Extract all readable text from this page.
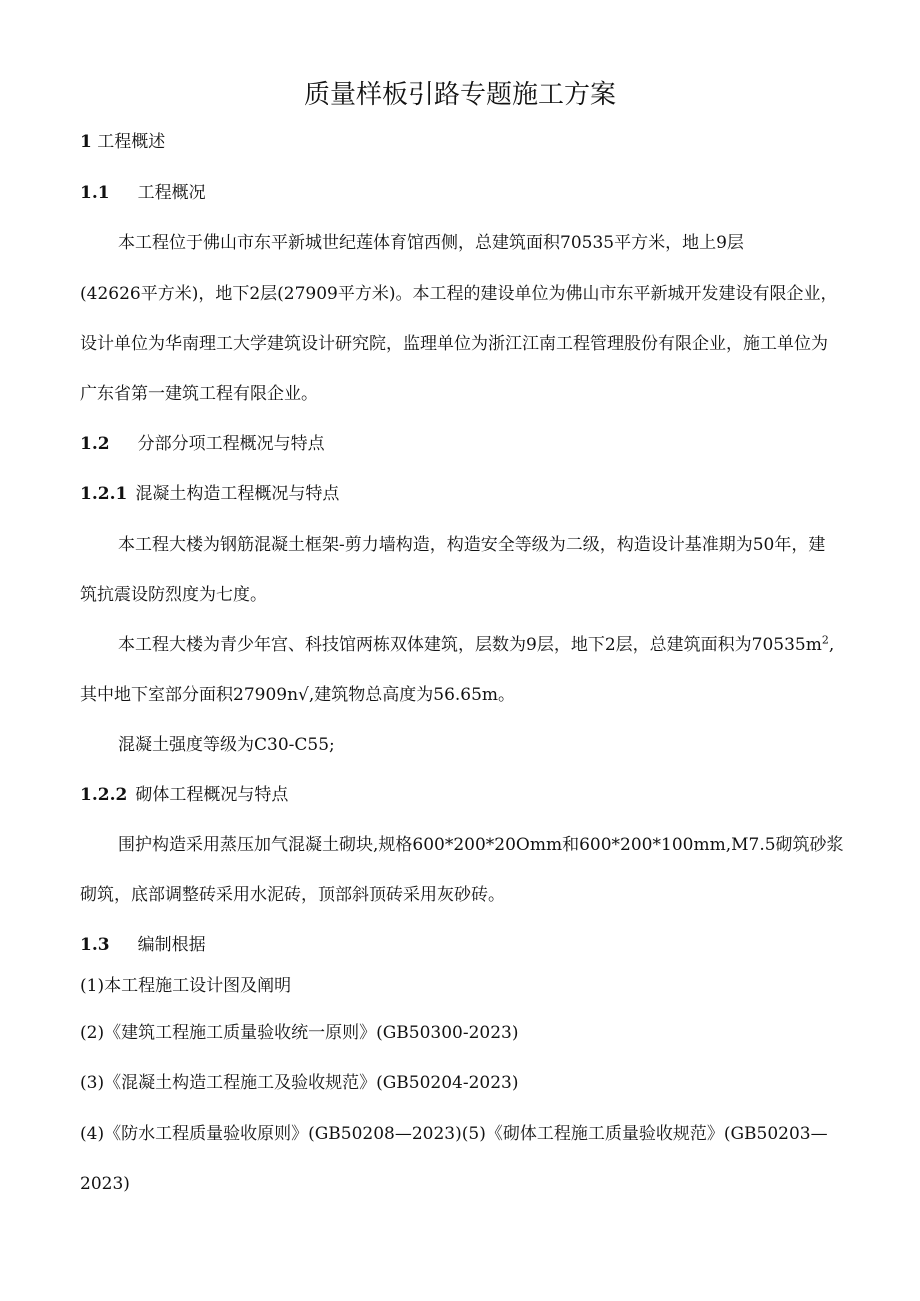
质量样板引路专题施工方案
1 工程概述
1.1 工程概况
本工程位于佛山市东平新城世纪莲体育馆西侧，总建筑面积70535平方米，地上9层
(42626平方米)，地下2层(27909平方米)。本工程的建设单位为佛山市东平新城开发建设有限企业，
设计单位为华南理工大学建筑设计研究院，监理单位为浙江江南工程管理股份有限企业，施工单位为
广东省第一建筑工程有限企业。
1.2 分部分项工程概况与特点
1.2.1 混凝土构造工程概况与特点
本工程大楼为钢筋混凝土框架-剪力墙构造，构造安全等级为二级，构造设计基准期为50年，建
筑抗震设防烈度为七度。
本工程大楼为青少年宫、科技馆两栋双体建筑，层数为9层，地下2层，总建筑面积为$70535m^2$,
其中地下室部分面积27909n√,建筑物总高度为56.65m。
混凝土强度等级为C30-C55;
1.2.2 砌体工程概况与特点
围护构造采用蒸压加气混凝土砌块,规格600*200*20Omm和600*200*100mm,M7.5砌筑砂浆
砌筑，底部调整砖采用水泥砖，顶部斜顶砖采用灰砂砖。
1.3 编制根据
(1)本工程施工设计图及阐明
(2)《建筑工程施工质量验收统一原则》(GB50300-2023)
(3)《混凝土构造工程施工及验收规范》(GB50204-2023)
(4)《防水工程质量验收原则》(GB50208—2023)(5)《砌体工程施工质量验收规范》(GB50203—
2023)
